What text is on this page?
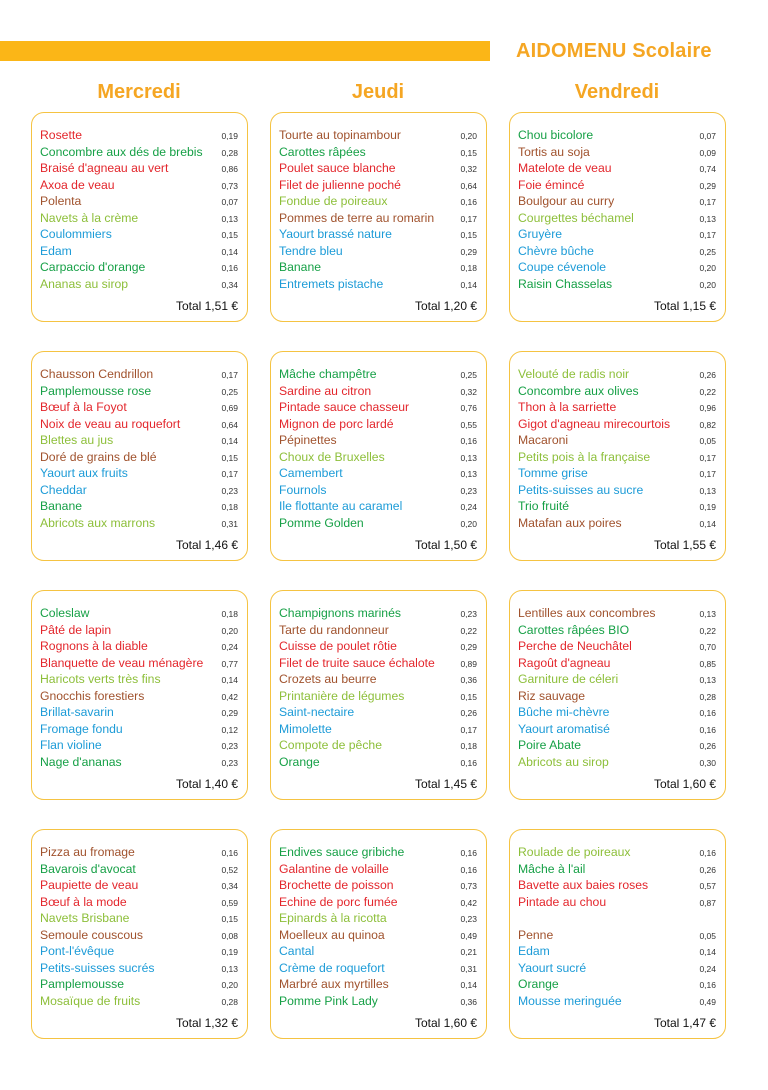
AIDOMENU Scolaire
Mercredi	Jeudi	Vendredi
Rosette	0,19
Concombre aux dés de brebis 0,28
Braisé d'agneau au vert	0,86
Axoa de veau	0,73
Polenta	0,07
Navets à la crème	0,13
Coulommiers	0,15
Edam	0,14
Carpaccio d'orange	0,16
Ananas au sirop	0,34
Total 1,51 €
Tourte au topinambour	0,20
Carottes râpées	0,15
Poulet sauce blanche	0,32
Filet de julienne poché	0,64
Fondue de poireaux	0,16
Pommes de terre au romarin	0,17
Yaourt brassé nature	0,15
Tendre bleu	0,29
Banane	0,18
Entremets pistache	0,14
Total 1,20 €
Chou bicolore	0,07
Tortis au soja	0,09
Matelote de veau	0,74
Foie émincé	0,29
Boulgour au curry	0,17
Courgettes béchamel	0,13
Gruyère	0,17
Chèvre bûche	0,25
Coupe cévenole	0,20
Raisin Chasselas	0,20
Total 1,15 €
Chausson Cendrillon	0,17
Pamplemousse rose	0,25
Bœuf à la Foyot	0,69
Noix de veau au roquefort	0,64
Blettes au jus	0,14
Doré de grains de blé	0,15
Yaourt aux fruits	0,17
Cheddar	0,23
Banane	0,18
Abricots aux marrons	0,31
Total 1,46 €
Mâche champêtre	0,25
Sardine au citron	0,32
Pintade sauce chasseur	0,76
Mignon de porc lardé	0,55
Pépinettes	0,16
Choux de Bruxelles	0,13
Camembert	0,13
Fournols	0,23
Ile flottante au caramel	0,24
Pomme Golden	0,20
Total 1,50 €
Velouté de radis noir	0,26
Concombre aux olives	0,22
Thon à la sarriette	0,96
Gigot d'agneau mirecourtois	0,82
Macaroni	0,05
Petits pois à la française	0,17
Tomme grise	0,17
Petits-suisses au sucre	0,13
Trio fruité	0,19
Matafan aux poires	0,14
Total 1,55 €
Coleslaw	0,18
Pâté de lapin	0,20
Rognons à la diable	0,24
Blanquette de veau ménagère 0,77
Haricots verts très fins	0,14
Gnocchis forestiers	0,42
Brillat-savarin	0,29
Fromage fondu	0,12
Flan violine	0,23
Nage d'ananas	0,23
Total 1,40 €
Champignons marinés	0,23
Tarte du randonneur	0,22
Cuisse de poulet rôtie	0,29
Filet de truite sauce échalote	0,89
Crozets au beurre	0,36
Printanière de légumes	0,15
Saint-nectaire	0,26
Mimolette	0,17
Compote de pêche	0,18
Orange	0,16
Total 1,45 €
Lentilles aux concombres	0,13
Carottes râpées BIO	0,22
Perche de Neuchâtel	0,70
Ragoût d'agneau	0,85
Garniture de céleri	0,13
Riz sauvage	0,28
Bûche mi-chèvre	0,16
Yaourt aromatisé	0,16
Poire Abate	0,26
Abricots au sirop	0,30
Total 1,60 €
Pizza au fromage	0,16
Bavarois d'avocat	0,52
Paupiette de veau	0,34
Bœuf à la mode	0,59
Navets Brisbane	0,15
Semoule couscous	0,08
Pont-l'évêque	0,19
Petits-suisses sucrés	0,13
Pamplemousse	0,20
Mosaïque de fruits	0,28
Total 1,32 €
Endives sauce gribiche	0,16
Galantine de volaille	0,16
Brochette de poisson	0,73
Echine de porc fumée	0,42
Epinards à la ricotta	0,23
Moelleux au quinoa	0,49
Cantal	0,21
Crème de roquefort	0,31
Marbré aux myrtilles	0,14
Pomme Pink Lady	0,36
Total 1,60 €
Roulade de poireaux	0,16
Mâche à l'ail	0,26
Bavette aux baies roses	0,57
Pintade au chou	0,87
Penne	0,05
Edam	0,14
Yaourt sucré	0,24
Orange	0,16
Mousse meringuée	0,49
Total 1,47 €
